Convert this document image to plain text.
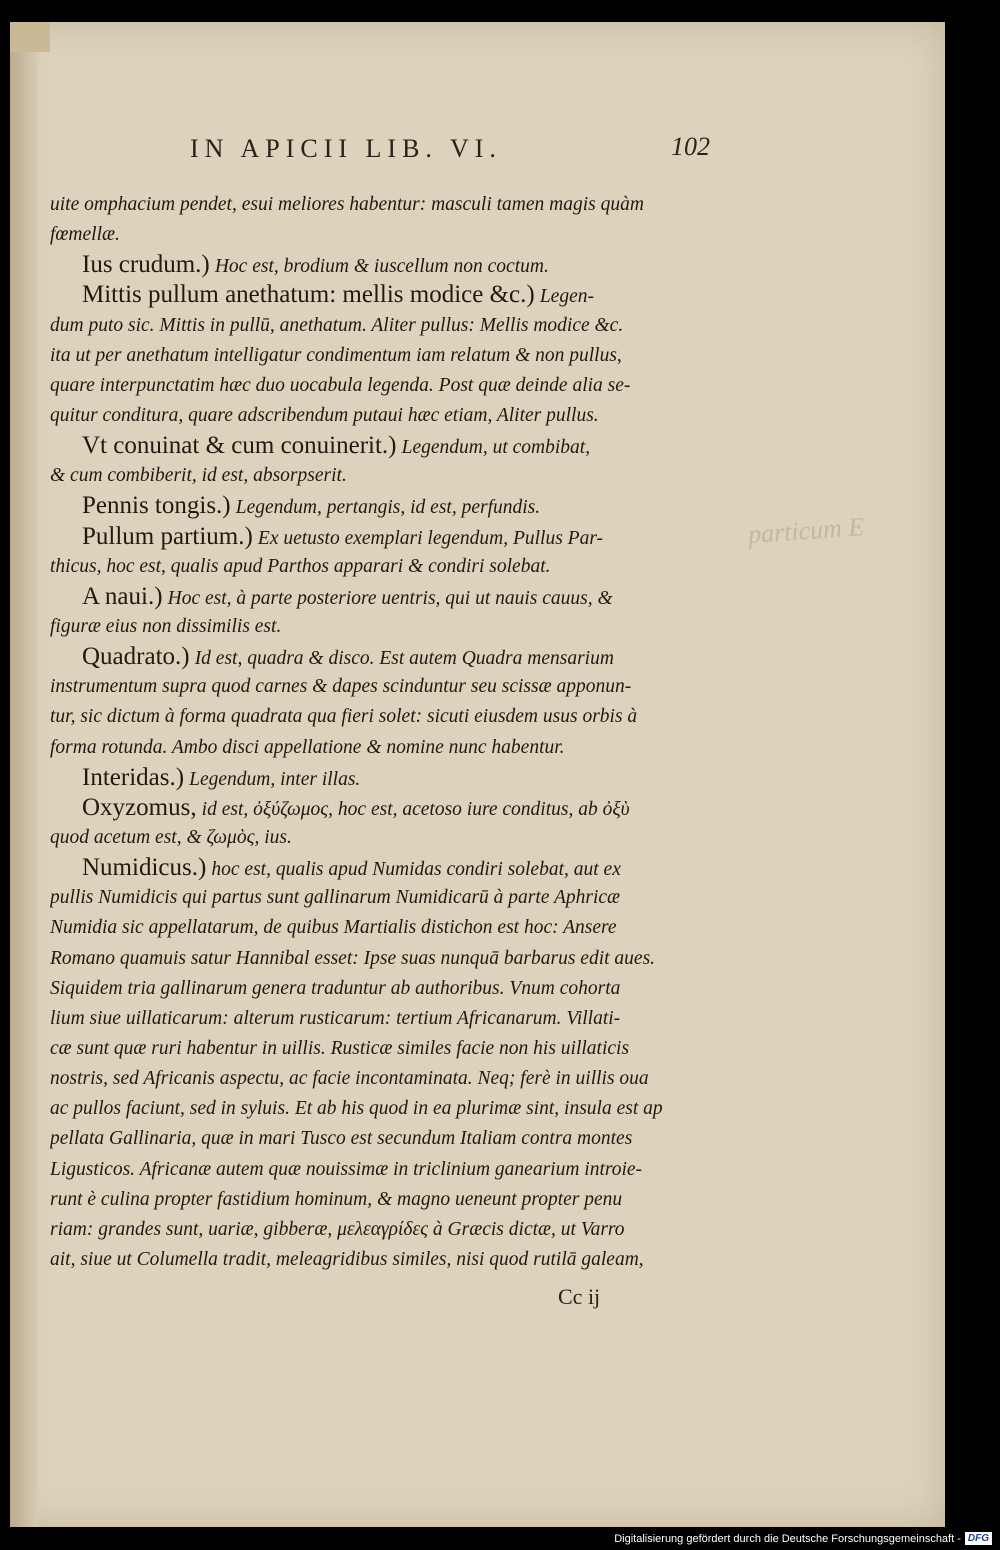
IN APICII LIB. VI.	102
uite omphacium pendet, esui meliores habentur: masculi tamen magis quàm
fœmellæ.
Ius crudum.) Hoc est, brodium & iuscellum non coctum.
Mittis pullum anethatum: mellis modice &c.) Legen-
dum puto sic. Mittis in pullū, anethatum. Aliter pullus: Mellis modice &c.
ita ut per anethatum intelligatur condimentum iam relatum & non pullus,
quare interpunctatim hæc duo uocabula legenda. Post quæ deinde alia se-
quitur conditura, quare adscribendum putaui hæc etiam, Aliter pullus.
Vt conuinat & cum conuinerit.) Legendum, ut combibat,
& cum combiberit, id est, absorpserit.
Pennis tongis.) Legendum, pertangis, id est, perfundis.
Pullum partium.) Ex uetusto exemplari legendum, Pullus Par-
thicus, hoc est, qualis apud Parthos apparari & condiri solebat.
A naui.) Hoc est, à parte posteriore uentris, qui ut nauis cauus, &
figuræ eius non dissimilis est.
Quadrato.) Id est, quadra & disco. Est autem Quadra mensarium
instrumentum supra quod carnes & dapes scinduntur seu scissæ apponun-
tur, sic dictum à forma quadrata qua fieri solet: sicuti eiusdem usus orbis à
forma rotunda. Ambo disci appellatione & nomine nunc habentur.
Interidas.) Legendum, inter illas.
Oxyzomus, id est, ὀξύζωμος, hoc est, acetoso iure conditus, ab ὀξὺ
quod acetum est, & ζωμὸς, ius.
Numidicus.) hoc est, qualis apud Numidas condiri solebat, aut ex
pullis Numidicis qui partus sunt gallinarum Numidicarū à parte Aphricæ
Numidia sic appellatarum, de quibus Martialis distichon est hoc: Ansere
Romano quamuis satur Hannibal esset: Ipse suas nunquā barbarus edit aues.
Siquidem tria gallinarum genera traduntur ab authoribus. Vnum cohorta
lium siue uillaticarum: alterum rusticarum: tertium Africanarum. Villati-
cæ sunt quæ ruri habentur in uillis. Rusticæ similes facie non his uillaticis
nostris, sed Africanis aspectu, ac facie incontaminata. Neq; ferè in uillis oua
ac pullos faciunt, sed in syluis. Et ab his quod in ea plurimæ sint, insula est ap
pellata Gallinaria, quæ in mari Tusco est secundum Italiam contra montes
Ligusticos. Africanæ autem quæ nouissimæ in triclinium ganearium introie-
runt è culina propter fastidium hominum, & magno ueneunt propter penu
riam: grandes sunt, uariæ, gibberæ, μελεαγρίδες à Græcis dictæ, ut Varro
ait, siue ut Columella tradit, meleagridibus similes, nisi quod rutilā galeam,
Cc ij
particum E
Digitalisierung gefördert durch die Deutsche Forschungsgemeinschaft - DFG
